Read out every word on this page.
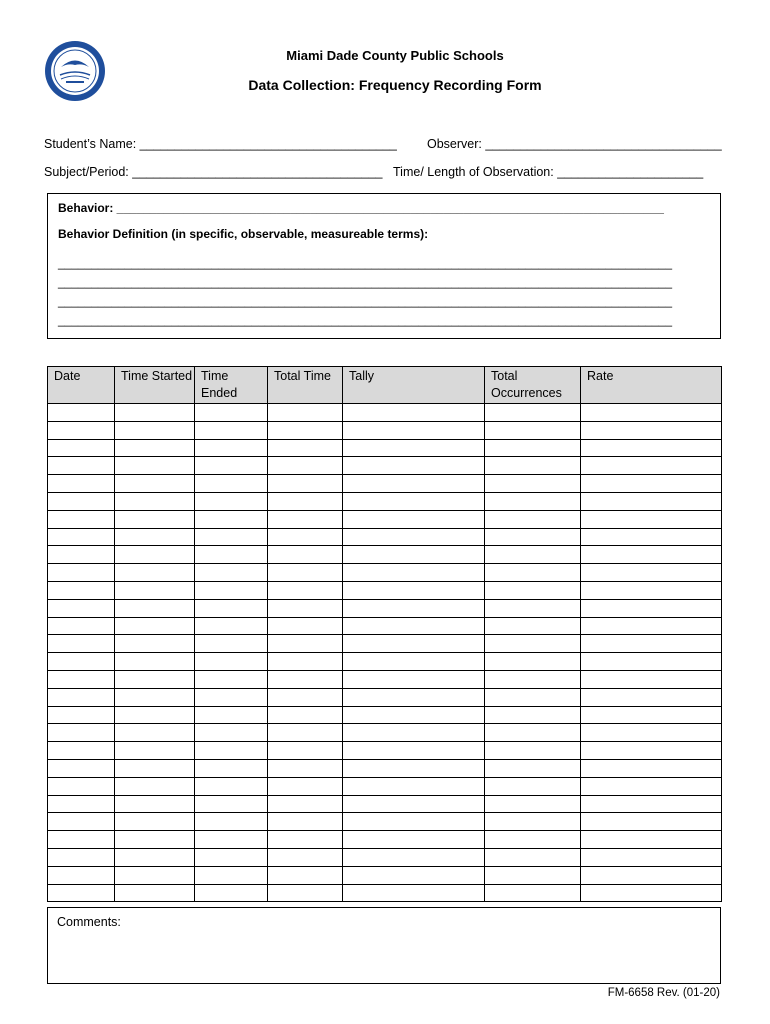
Miami Dade County Public Schools
Data Collection: Frequency Recording Form
Student’s Name: _____________________________________ Observer: __________________________________
Subject/Period: ____________________________________ Time/ Length of Observation: _____________________
Behavior: __________________________________________________________________________________
Behavior Definition (in specific, observable, measureable terms):
____________________________________________________________________________________________
____________________________________________________________________________________________
____________________________________________________________________________________________
____________________________________________________________________________________________
Date	Time Started	Time Ended	Total Time	Tally	Total Occurrences	Rate

Comments:
FM-6658 Rev. (01-20)
